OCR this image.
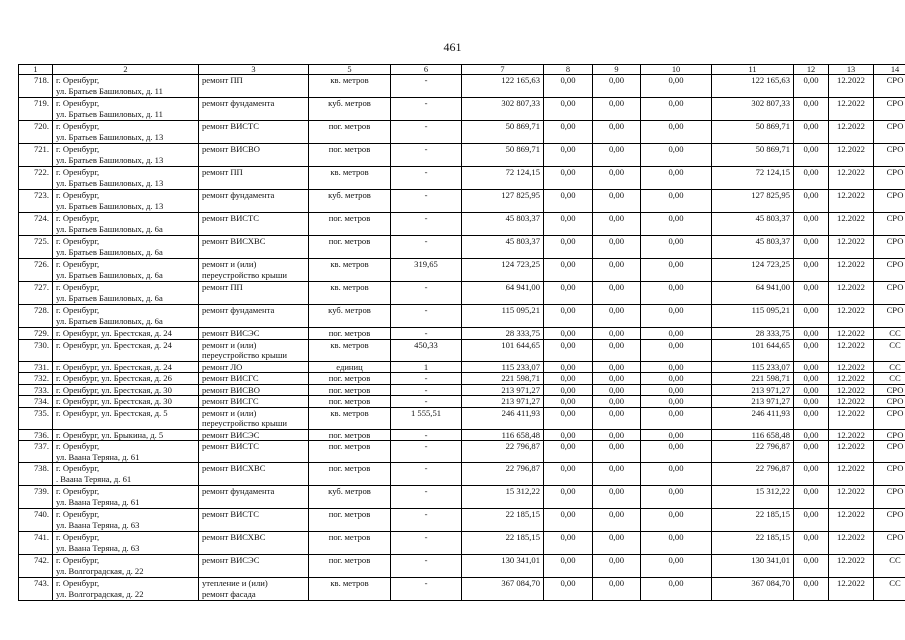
461
1	2	3	5	6	7	8	9	10	11	12	13	14
718.	г. Оренбург,
ул. Братьев Башиловых, д. 11	ремонт ПП	кв. метров	-	122 165,63	0,00	0,00	0,00	122 165,63	0,00	12.2022	СРО
719.	г. Оренбург,
ул. Братьев Башиловых, д. 11	ремонт фундамента	куб. метров	-	302 807,33	0,00	0,00	0,00	302 807,33	0,00	12.2022	СРО
720.	г. Оренбург,
ул. Братьев Башиловых, д. 13	ремонт ВИСТС	пог. метров	-	50 869,71	0,00	0,00	0,00	50 869,71	0,00	12.2022	СРО
721.	г. Оренбург,
ул. Братьев Башиловых, д. 13	ремонт ВИСВО	пог. метров	-	50 869,71	0,00	0,00	0,00	50 869,71	0,00	12.2022	СРО
722.	г. Оренбург,
ул. Братьев Башиловых, д. 13	ремонт ПП	кв. метров	-	72 124,15	0,00	0,00	0,00	72 124,15	0,00	12.2022	СРО
723.	г. Оренбург,
ул. Братьев Башиловых, д. 13	ремонт фундамента	куб. метров	-	127 825,95	0,00	0,00	0,00	127 825,95	0,00	12.2022	СРО
724.	г. Оренбург,
ул. Братьев Башиловых, д. 6а	ремонт ВИСТС	пог. метров	-	45 803,37	0,00	0,00	0,00	45 803,37	0,00	12.2022	СРО
725.	г. Оренбург,
ул. Братьев Башиловых, д. 6а	ремонт ВИСХВС	пог. метров	-	45 803,37	0,00	0,00	0,00	45 803,37	0,00	12.2022	СРО
726.	г. Оренбург,
ул. Братьев Башиловых, д. 6а	ремонт и (или)
переустройство крыши	кв. метров	319,65	124 723,25	0,00	0,00	0,00	124 723,25	0,00	12.2022	СРО
727.	г. Оренбург,
ул. Братьев Башиловых, д. 6а	ремонт ПП	кв. метров	-	64 941,00	0,00	0,00	0,00	64 941,00	0,00	12.2022	СРО
728.	г. Оренбург,
ул. Братьев Башиловых, д. 6а	ремонт фундамента	куб. метров	-	115 095,21	0,00	0,00	0,00	115 095,21	0,00	12.2022	СРО
729.	г. Оренбург, ул. Брестская, д. 24	ремонт ВИСЭС	пог. метров	-	28 333,75	0,00	0,00	0,00	28 333,75	0,00	12.2022	СС
730.	г. Оренбург, ул. Брестская, д. 24	ремонт и (или)
переустройство крыши	кв. метров	450,33	101 644,65	0,00	0,00	0,00	101 644,65	0,00	12.2022	СС
731.	г. Оренбург, ул. Брестская, д. 24	ремонт ЛО	единиц	1	115 233,07	0,00	0,00	0,00	115 233,07	0,00	12.2022	СС
732.	г. Оренбург, ул. Брестская, д. 26	ремонт ВИСГС	пог. метров	-	221 598,71	0,00	0,00	0,00	221 598,71	0,00	12.2022	СС
733.	г. Оренбург, ул. Брестская, д. 30	ремонт ВИСВО	пог. метров	-	213 971,27	0,00	0,00	0,00	213 971,27	0,00	12.2022	СРО
734.	г. Оренбург, ул. Брестская, д. 30	ремонт ВИСГС	пог. метров	-	213 971,27	0,00	0,00	0,00	213 971,27	0,00	12.2022	СРО
735.	г. Оренбург, ул. Брестская, д. 5	ремонт и (или)
переустройство крыши	кв. метров	1 555,51	246 411,93	0,00	0,00	0,00	246 411,93	0,00	12.2022	СРО
736.	г. Оренбург, ул. Брыкина, д. 5	ремонт ВИСЭС	пог. метров	-	116 658,48	0,00	0,00	0,00	116 658,48	0,00	12.2022	СРО
737.	г. Оренбург,
ул. Ваана Теряна, д. 61	ремонт ВИСТС	пог. метров	-	22 796,87	0,00	0,00	0,00	22 796,87	0,00	12.2022	СРО
738.	г. Оренбург,
. Ваана Теряна, д. 61	ремонт ВИСХВС	пог. метров	-	22 796,87	0,00	0,00	0,00	22 796,87	0,00	12.2022	СРО
739.	г. Оренбург,
ул. Ваана Теряна, д. 61	ремонт фундамента	куб. метров	-	15 312,22	0,00	0,00	0,00	15 312,22	0,00	12.2022	СРО
740.	г. Оренбург,
ул. Ваана Теряна, д. 63	ремонт ВИСТС	пог. метров	-	22 185,15	0,00	0,00	0,00	22 185,15	0,00	12.2022	СРО
741.	г. Оренбург,
ул. Ваана Теряна, д. 63	ремонт ВИСХВС	пог. метров	-	22 185,15	0,00	0,00	0,00	22 185,15	0,00	12.2022	СРО
742.	г. Оренбург,
ул. Волгоградская, д. 22	ремонт ВИСЭС	пог. метров	-	130 341,01	0,00	0,00	0,00	130 341,01	0,00	12.2022	СС
743.	г. Оренбург,
ул. Волгоградская, д. 22	утепление и (или)
ремонт фасада	кв. метров	-	367 084,70	0,00	0,00	0,00	367 084,70	0,00	12.2022	СС
